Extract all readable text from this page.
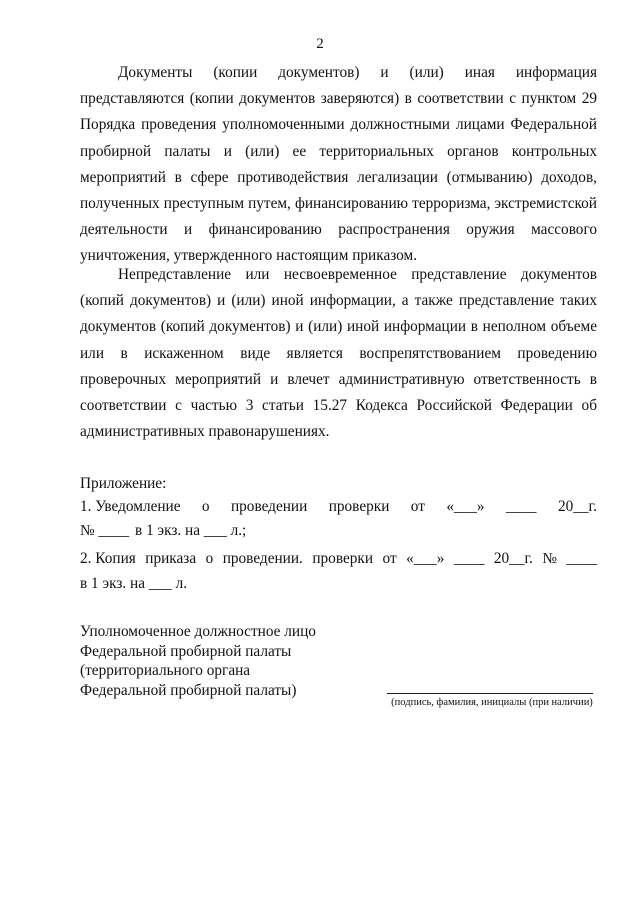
2

Документы (копии документов) и (или) иная информация представляются (копии документов заверяются) в соответствии с пунктом 29 Порядка проведения уполномоченными должностными лицами Федеральной пробирной палаты и (или) ее территориальных органов контрольных мероприятий в сфере противодействия легализации (отмыванию) доходов, полученных преступным путем, финансированию терроризма, экстремистской деятельности и финансированию распространения оружия массового уничтожения, утвержденного настоящим приказом.

Непредставление или несвоевременное представление документов (копий документов) и (или) иной информации, а также представление таких документов (копий документов) и (или) иной информации в неполном объеме или в искаженном виде является воспрепятствованием проведению проверочных мероприятий и влечет административную ответственность в соответствии с частью 3 статьи 15.27 Кодекса Российской Федерации об административных правонарушениях.

Приложение:
1. Уведомление о проведении проверки от «___» ____ 20__г.
№ ____ в 1 экз. на ___ л.;
2. Копия приказа о проведении. проверки от «___» ____ 20__г. № ____
в 1 экз. на ___ л.
Уполномоченное должностное лицо
Федеральной пробирной палаты
(территориального органа
Федеральной пробирной палаты)
(подпись, фамилия, инициалы (при наличии)
